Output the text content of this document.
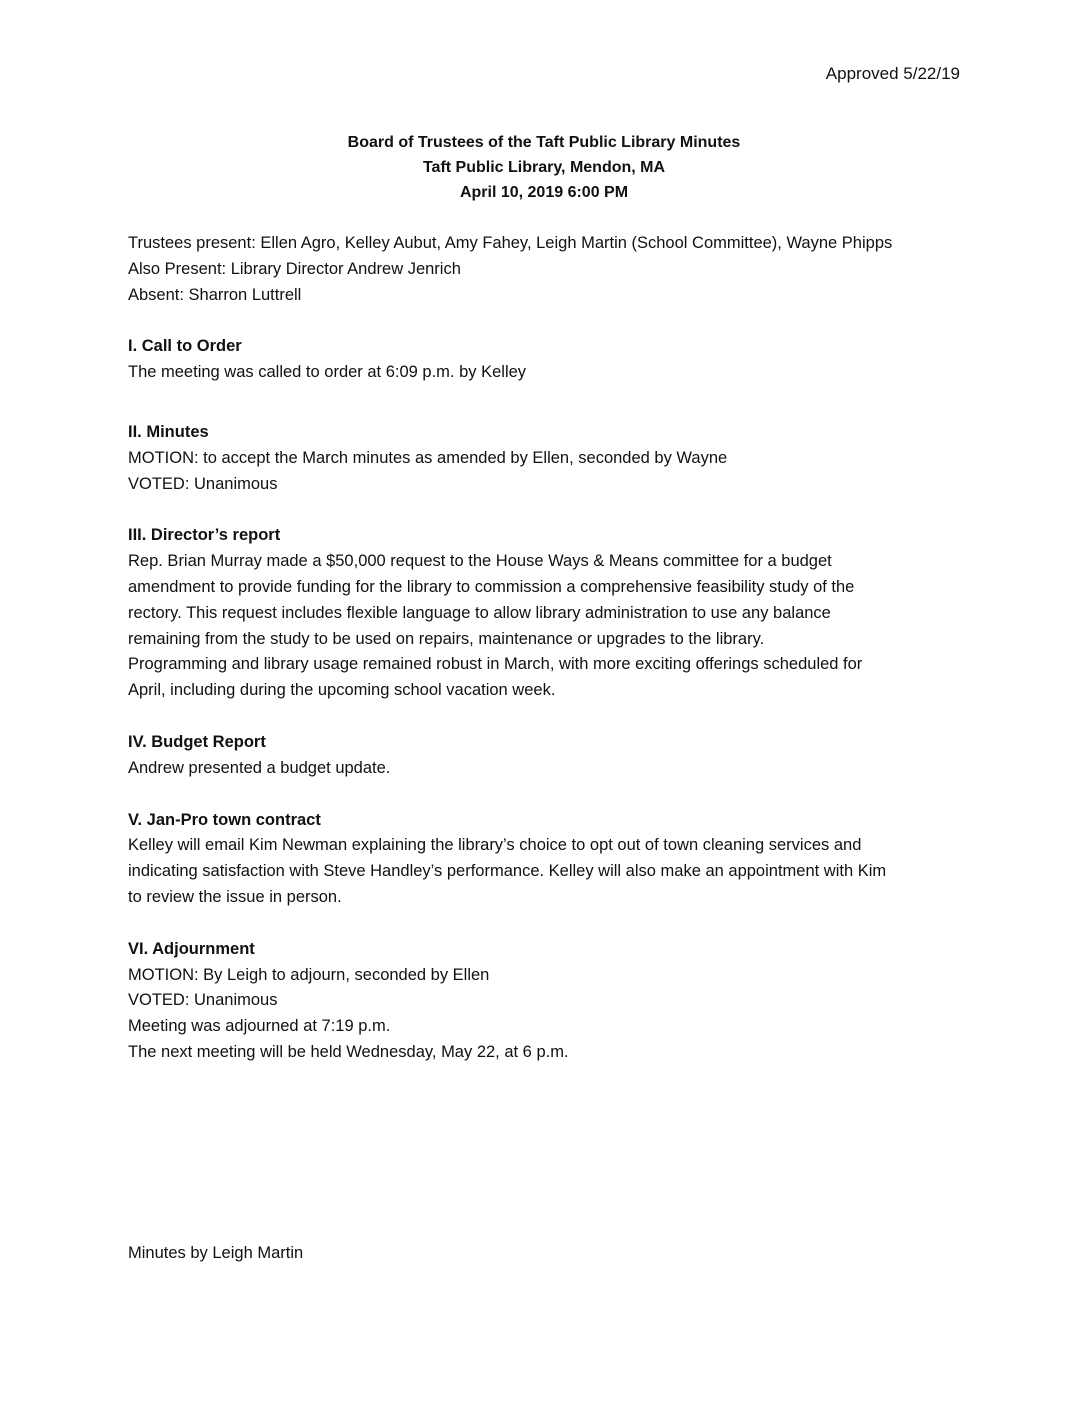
Approved 5/22/19
Board of Trustees of the Taft Public Library Minutes
Taft Public Library, Mendon, MA
April 10, 2019 6:00 PM
Trustees present: Ellen Agro, Kelley Aubut, Amy Fahey, Leigh Martin (School Committee), Wayne Phipps
Also Present: Library Director Andrew Jenrich
Absent: Sharron Luttrell
I. Call to Order
The meeting was called to order at 6:09 p.m. by Kelley
II. Minutes
MOTION: to accept the March minutes as amended by Ellen, seconded by Wayne
VOTED: Unanimous
III. Director’s report
Rep. Brian Murray made a $50,000 request to the House Ways & Means committee for a budget
amendment to provide funding for the library to commission a comprehensive feasibility study of the
rectory. This request includes flexible language to allow library administration to use any balance
remaining from the study to be used on repairs, maintenance or upgrades to the library.
Programming and library usage remained robust in March, with more exciting offerings scheduled for
April, including during the upcoming school vacation week.
IV. Budget Report
Andrew presented a budget update.
V. Jan-Pro town contract
Kelley will email Kim Newman explaining the library’s choice to opt out of town cleaning services and
indicating satisfaction with Steve Handley’s performance. Kelley will also make an appointment with Kim
to review the issue in person.
VI. Adjournment
MOTION: By Leigh to adjourn, seconded by Ellen
VOTED: Unanimous
Meeting was adjourned at 7:19 p.m.
The next meeting will be held Wednesday, May 22, at 6 p.m.
Minutes by Leigh Martin
